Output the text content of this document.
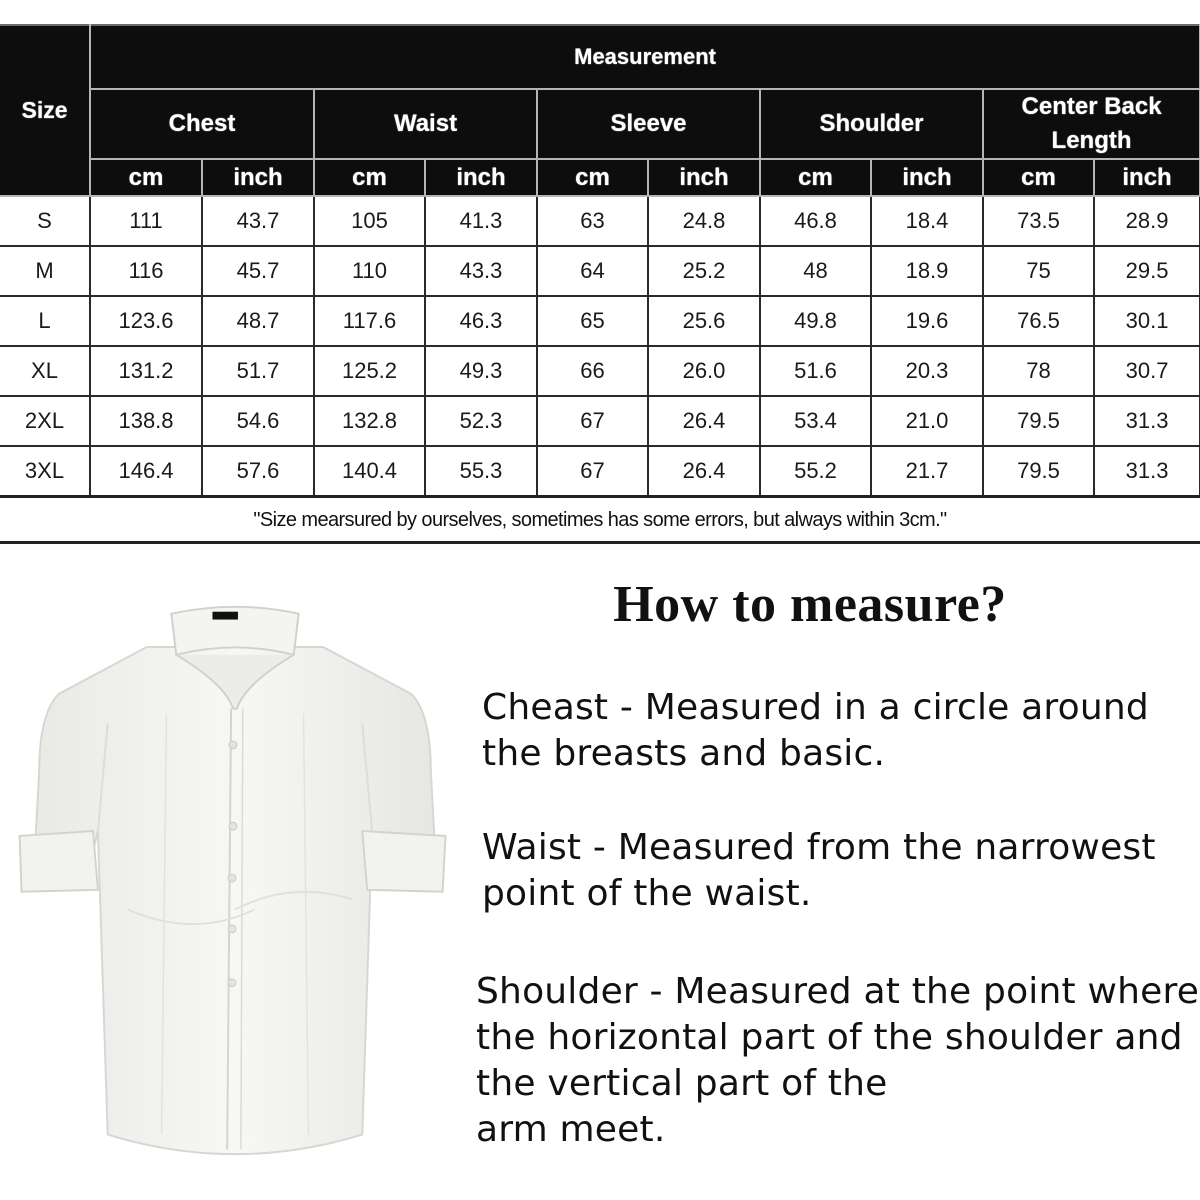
Size	Measurement									
	Chest		Waist		Sleeve		Shoulder		Center Back
Length	

	cm	inch	cm	inch	cm	inch	cm	inch	cm	inch
S	111	43.7	105	41.3	63	24.8	46.8	18.4	73.5	28.9
M	116	45.7	110	43.3	64	25.2	48	18.9	75	29.5
L	123.6	48.7	117.6	46.3	65	25.6	49.8	19.6	76.5	30.1
XL	131.2	51.7	125.2	49.3	66	26.0	51.6	20.3	78	30.7
2XL	138.8	54.6	132.8	52.3	67	26.4	53.4	21.0	79.5	31.3
3XL	146.4	57.6	140.4	55.3	67	26.4	55.2	21.7	79.5	31.3
"Size mearsured by ourselves, sometimes has some errors, but always within 3cm."
How to measure?
Cheast - Measured in a circle around
the breasts and basic.
Waist - Measured from the narrowest
point of the waist.
Shoulder - Measured at the point where
the horizontal part of the shoulder and
the vertical part of the
arm meet.
